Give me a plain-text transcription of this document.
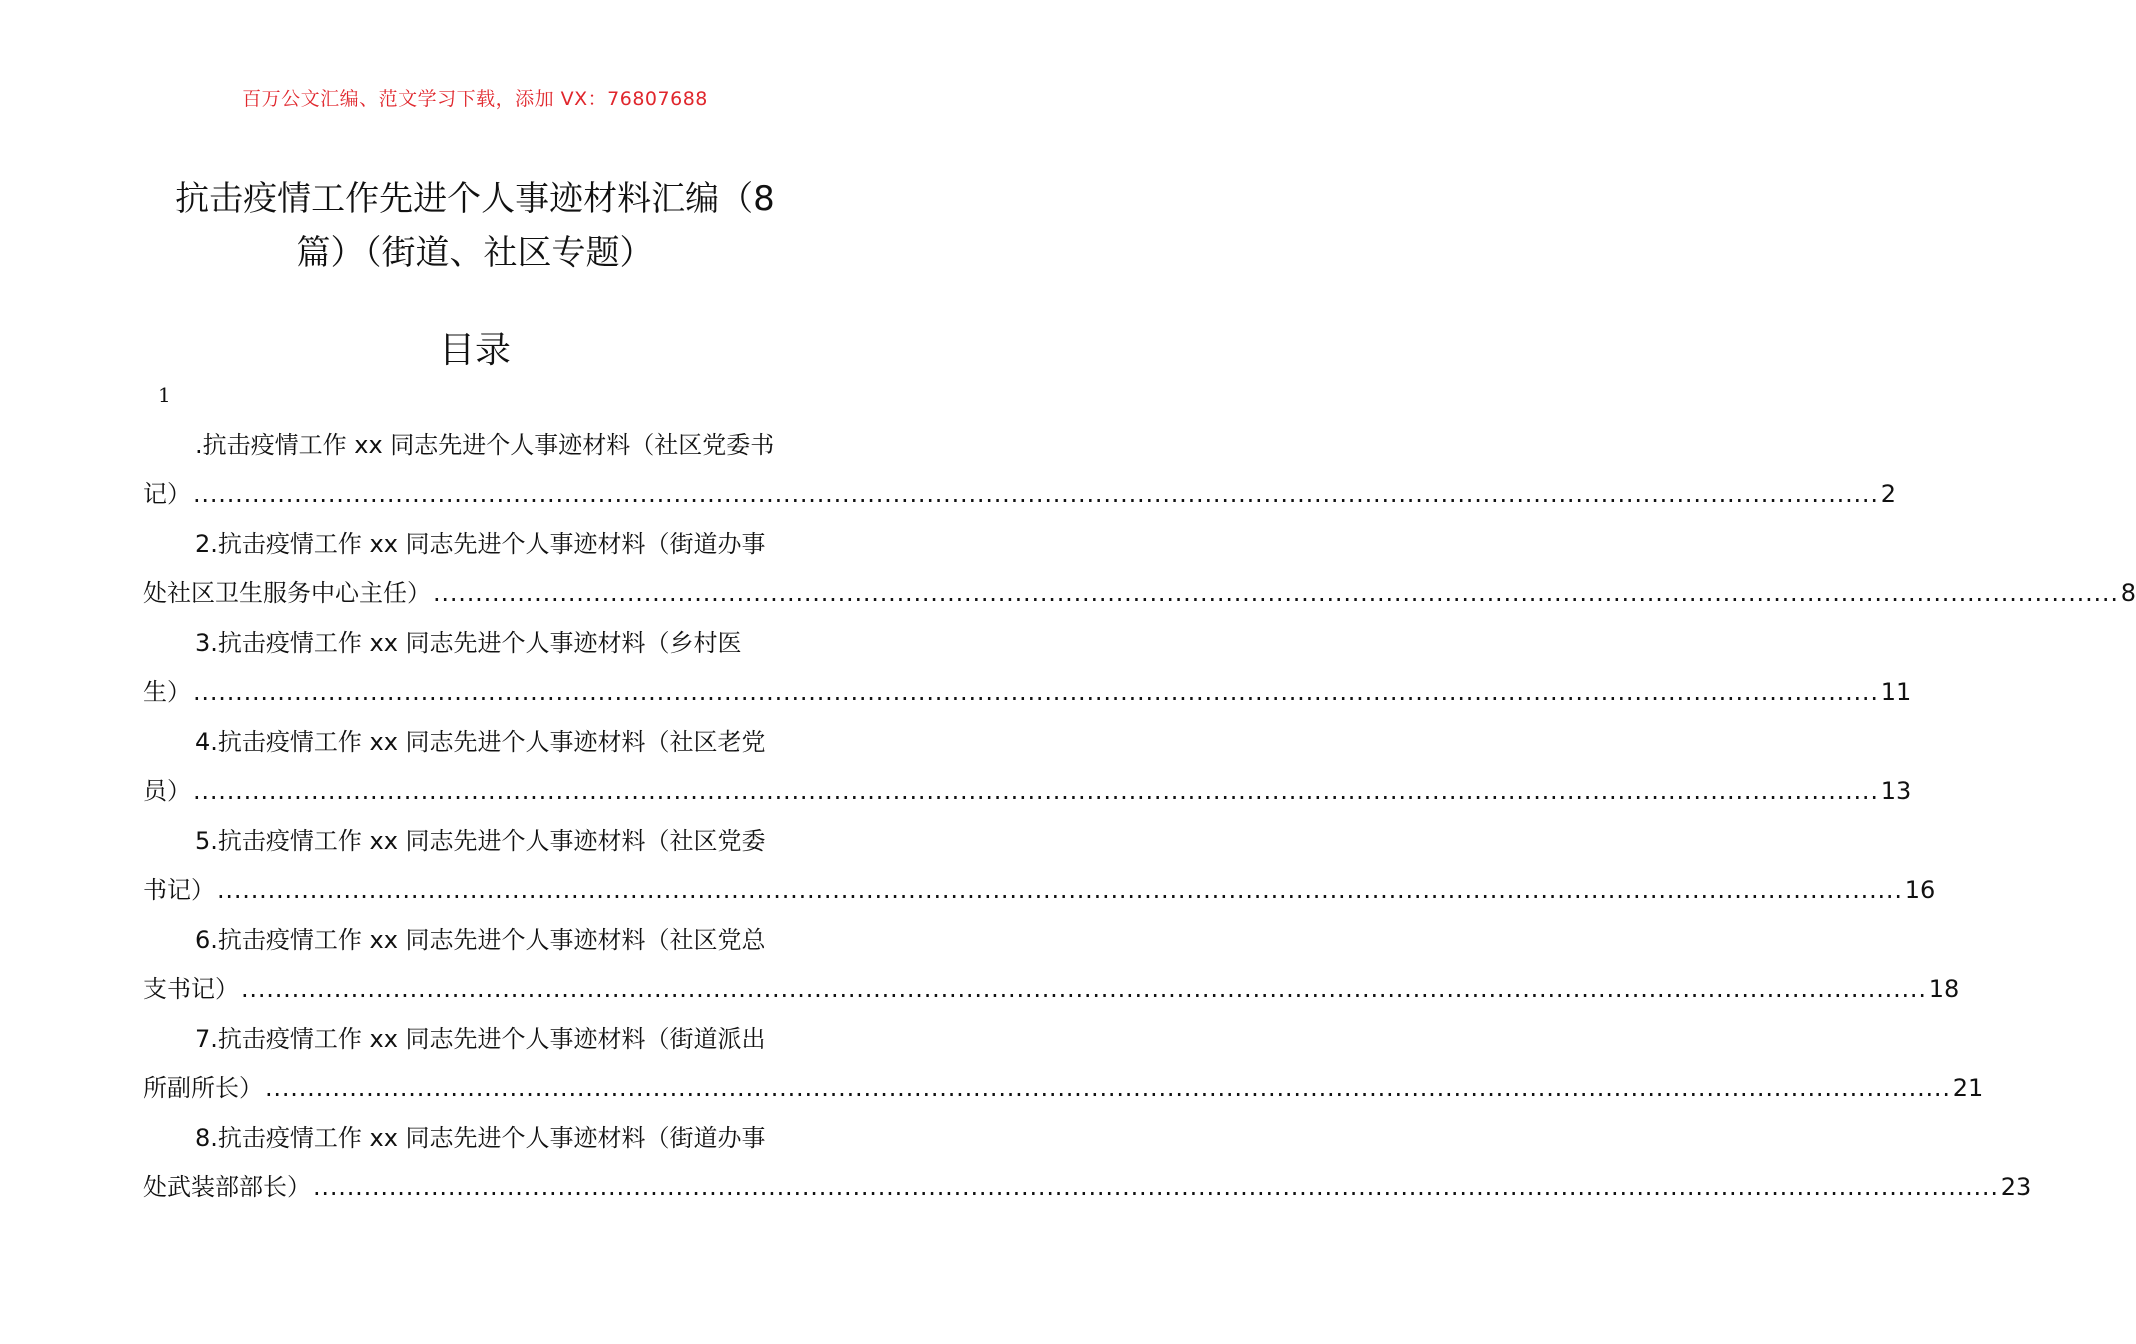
百万公文汇编、范文学习下载，添加 VX：76807688
抗击疫情工作先进个人事迹材料汇编（8
篇）（街道、社区专题）
目录
1
.抗击疫情工作 xx 同志先进个人事迹材料（社区党委书
记） ........................................................................................................................................................................................................ 2
2.抗击疫情工作 xx 同志先进个人事迹材料（街道办事
处社区卫生服务中心主任） ........................................................................................................................................................................................................ 8
3.抗击疫情工作 xx 同志先进个人事迹材料（乡村医
生） ........................................................................................................................................................................................................ 11
4.抗击疫情工作 xx 同志先进个人事迹材料（社区老党
员） ........................................................................................................................................................................................................ 13
5.抗击疫情工作 xx 同志先进个人事迹材料（社区党委
书记） ........................................................................................................................................................................................................ 16
6.抗击疫情工作 xx 同志先进个人事迹材料（社区党总
支书记） ........................................................................................................................................................................................................ 18
7.抗击疫情工作 xx 同志先进个人事迹材料（街道派出
所副所长） ........................................................................................................................................................................................................ 21
8.抗击疫情工作 xx 同志先进个人事迹材料（街道办事
处武装部部长） ........................................................................................................................................................................................................ 23
